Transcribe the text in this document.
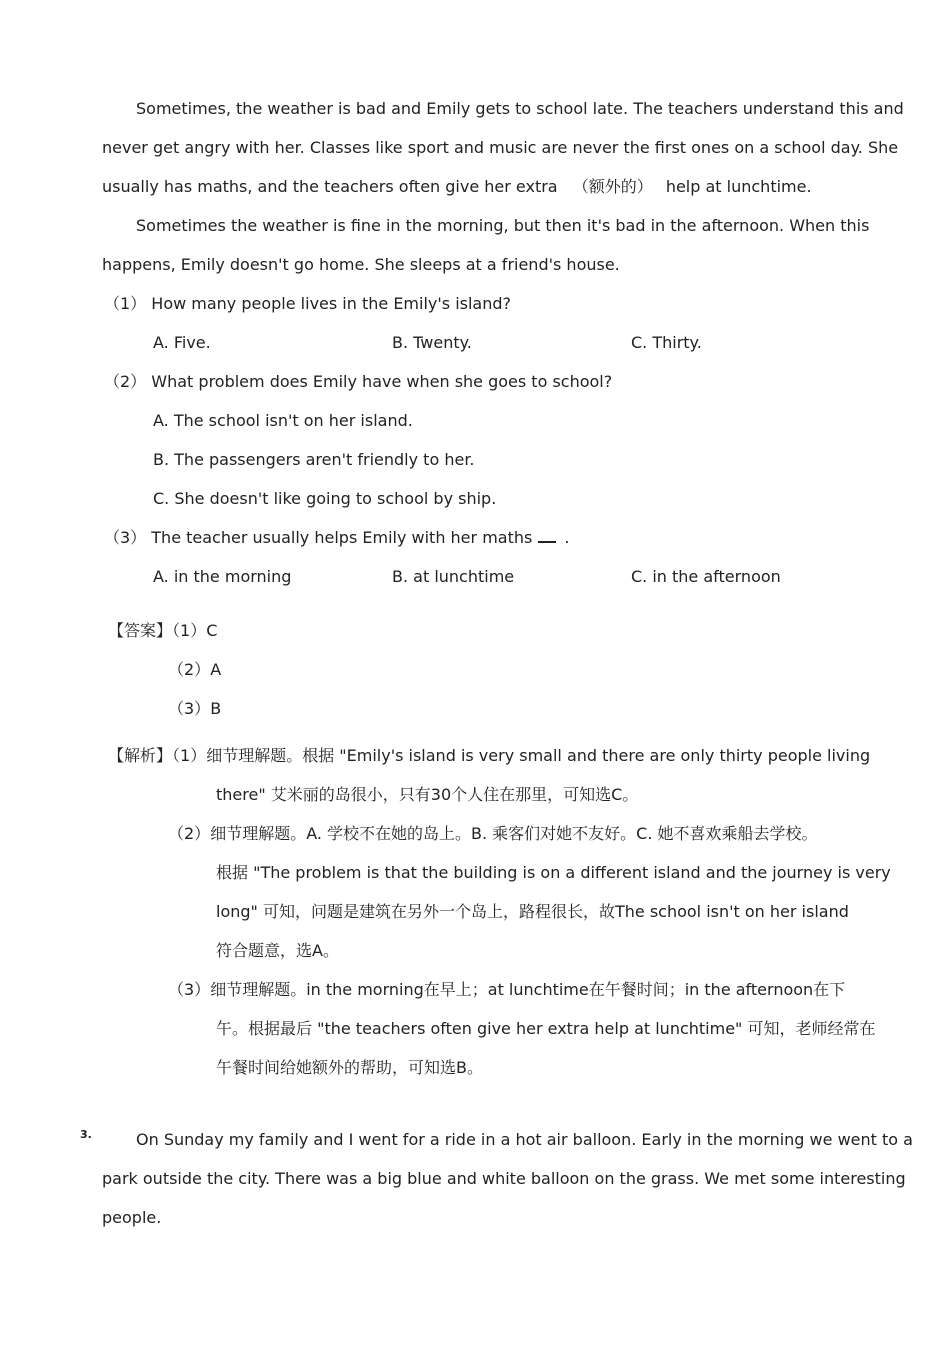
Sometimes, the weather is bad and Emily gets to school late. The teachers understand this and
never get angry with her. Classes like sport and music are never the first ones on a school day. She
usually has maths, and the teachers often give her extra （额外的） help at lunchtime.
Sometimes the weather is fine in the morning, but then it's bad in the afternoon. When this
happens, Emily doesn't go home. She sleeps at a friend's house.
（1） How many people lives in the Emily's island?
A. Five.	B. Twenty.	C. Thirty.
（2） What problem does Emily have when she goes to school?
A. The school isn't on her island.
B. The passengers aren't friendly to her.
C. She doesn't like going to school by ship.
（3） The teacher usually helps Emily with her maths .
A. in the morning	B. at lunchtime	C. in the afternoon
【答案】（1）C
（2）A
（3）B
【解析】（1）细节理解题。根据 "Emily's island is very small and there are only thirty people living
there" 艾米丽的岛很小，只有30个人住在那里，可知选C。
（2）细节理解题。A. 学校不在她的岛上。B. 乘客们对她不友好。C. 她不喜欢乘船去学校。
根据 "The problem is that the building is on a different island and the journey is very
long" 可知，问题是建筑在另外一个岛上，路程很长，故The school isn't on her island
符合题意，选A。
（3）细节理解题。in the morning在早上；at lunchtime在午餐时间；in the afternoon在下
午。根据最后 "the teachers often give her extra help at lunchtime" 可知，老师经常在
午餐时间给她额外的帮助，可知选B。
3.	On Sunday my family and I went for a ride in a hot air balloon. Early in the morning we went to a
park outside the city. There was a big blue and white balloon on the grass. We met some interesting
people.
